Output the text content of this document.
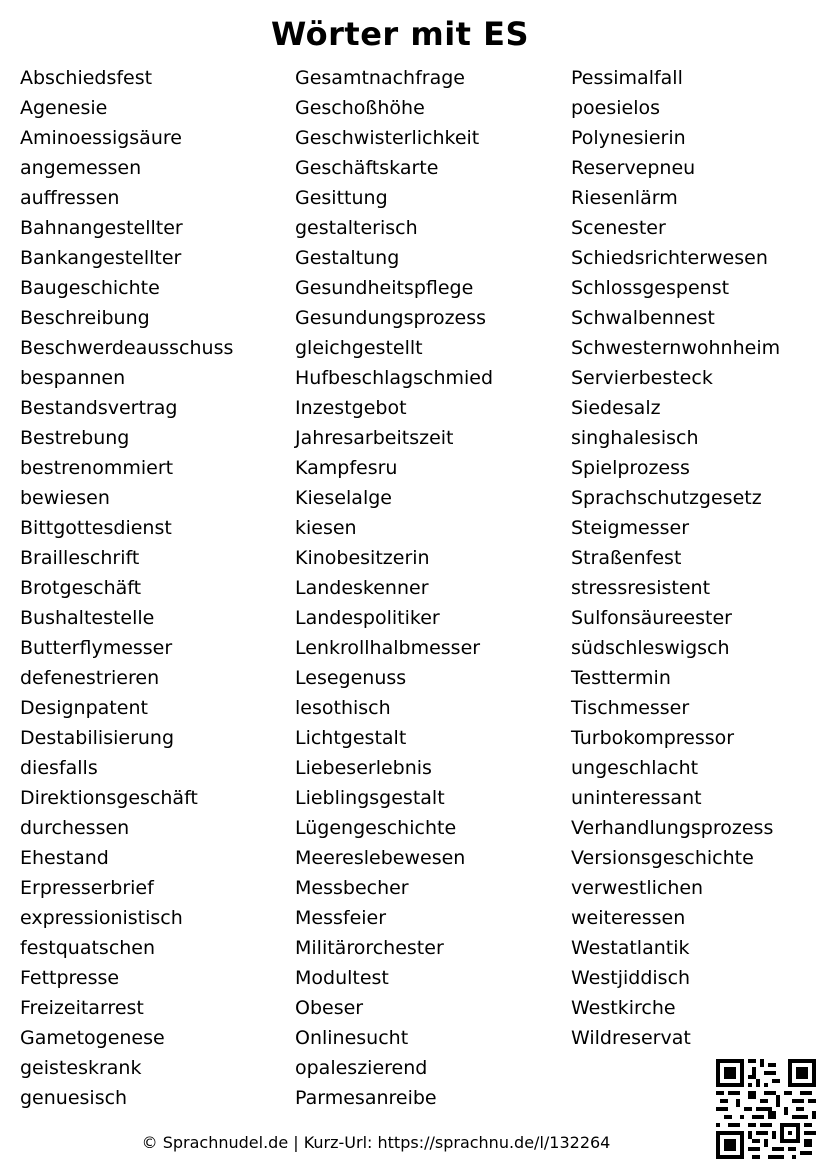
Wörter mit ES
Abschiedsfest
Agenesie
Aminoessigsäure
angemessen
auffressen
Bahnangestellter
Bankangestellter
Baugeschichte
Beschreibung
Beschwerdeausschuss
bespannen
Bestandsvertrag
Bestrebung
bestrenommiert
bewiesen
Bittgottesdienst
Brailleschrift
Brotgeschäft
Bushaltestelle
Butterflymesser
defenestrieren
Designpatent
Destabilisierung
diesfalls
Direktionsgeschäft
durchessen
Ehestand
Erpresserbrief
expressionistisch
festquatschen
Fettpresse
Freizeitarrest
Gametogenese
geisteskrank
genuesisch
Gesamtnachfrage
Geschoßhöhe
Geschwisterlichkeit
Geschäftskarte
Gesittung
gestalterisch
Gestaltung
Gesundheitspflege
Gesundungsprozess
gleichgestellt
Hufbeschlagschmied
Inzestgebot
Jahresarbeitszeit
Kampfesru
Kieselalge
kiesen
Kinobesitzerin
Landeskenner
Landespolitiker
Lenkrollhalbmesser
Lesegenuss
lesothisch
Lichtgestalt
Liebeserlebnis
Lieblingsgestalt
Lügengeschichte
Meereslebewesen
Messbecher
Messfeier
Militärorchester
Modultest
Obeser
Onlinesucht
opaleszierend
Parmesanreibe
Pessimalfall
poesielos
Polynesierin
Reservepneu
Riesenlärm
Scenester
Schiedsrichterwesen
Schlossgespenst
Schwalbennest
Schwesternwohnheim
Servierbesteck
Siedesalz
singhalesisch
Spielprozess
Sprachschutzgesetz
Steigmesser
Straßenfest
stressresistent
Sulfonsäureester
südschleswigsch
Testtermin
Tischmesser
Turbokompressor
ungeschlacht
uninteressant
Verhandlungsprozess
Versionsgeschichte
verwestlichen
weiteressen
Westatlantik
Westjiddisch
Westkirche
Wildreservat
© Sprachnudel.de | Kurz-Url: https://sprachnu.de/l/132264
